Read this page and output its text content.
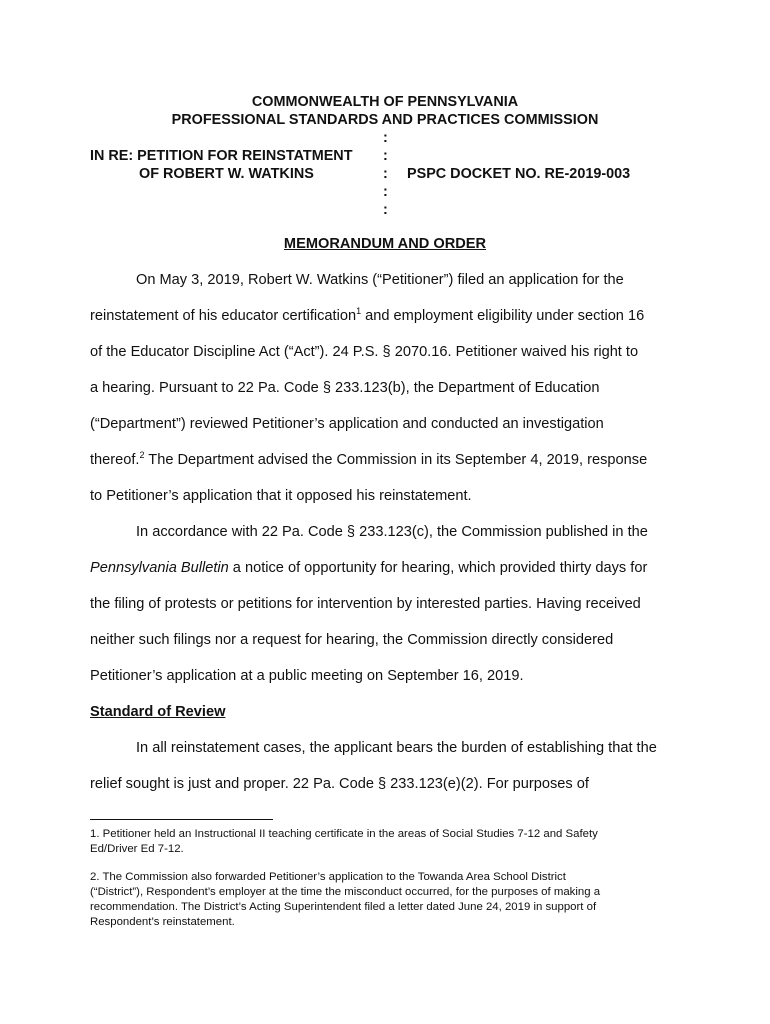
COMMONWEALTH OF PENNSYLVANIA
PROFESSIONAL STANDARDS AND PRACTICES COMMISSION
:
:
:
:
:
IN RE: PETITION FOR REINSTATMENT
OF ROBERT W. WATKINS	PSPC DOCKET NO. RE-2019-003
MEMORANDUM AND ORDER
On May 3, 2019, Robert W. Watkins (“Petitioner”) filed an application for the
reinstatement of his educator certification$^1$ and employment eligibility under section 16
of the Educator Discipline Act (“Act”). 24 P.S. § 2070.16. Petitioner waived his right to
a hearing. Pursuant to 22 Pa. Code § 233.123(b), the Department of Education
(“Department”) reviewed Petitioner’s application and conducted an investigation
thereof.$^2$ The Department advised the Commission in its September 4, 2019, response
to Petitioner’s application that it opposed his reinstatement.
In accordance with 22 Pa. Code § 233.123(c), the Commission published in the
Pennsylvania Bulletin a notice of opportunity for hearing, which provided thirty days for
the filing of protests or petitions for intervention by interested parties. Having received
neither such filings nor a request for hearing, the Commission directly considered
Petitioner’s application at a public meeting on September 16, 2019.
Standard of Review
In all reinstatement cases, the applicant bears the burden of establishing that the
relief sought is just and proper. 22 Pa. Code § 233.123(e)(2). For purposes of
1. Petitioner held an Instructional II teaching certificate in the areas of Social Studies 7-12 and Safety
Ed/Driver Ed 7-12.
2. The Commission also forwarded Petitioner’s application to the Towanda Area School District
(“District”), Respondent’s employer at the time the misconduct occurred, for the purposes of making a
recommendation. The District’s Acting Superintendent filed a letter dated June 24, 2019 in support of
Respondent’s reinstatement.
